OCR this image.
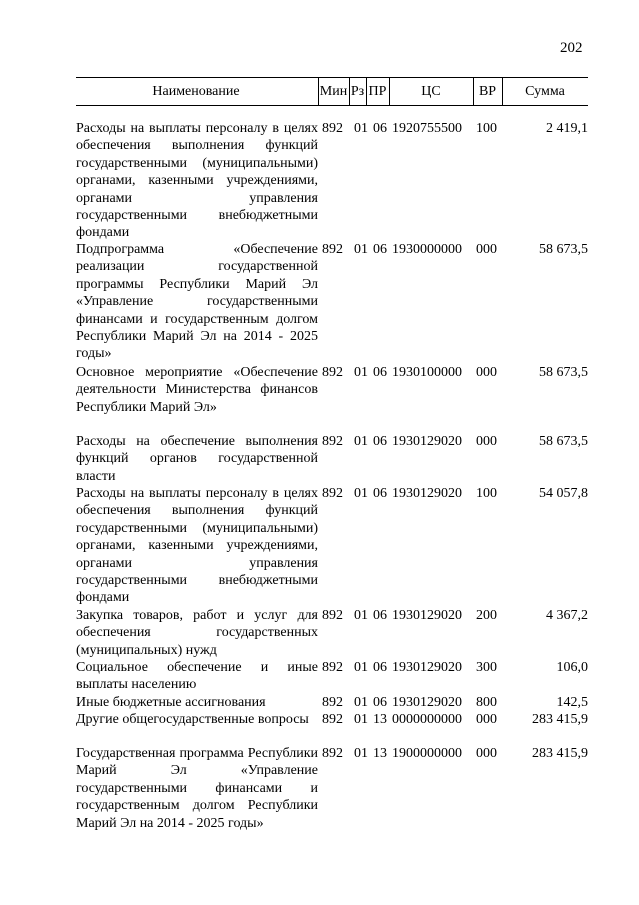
202
Наименование	Мин Рз ПР	ЦС	ВР	Сумма
Расходы на выплаты персоналу в целях обеспечения выполнения функций государственными (муниципальными) органами, казенными учреждениями, органами управления государственными внебюджетными фондами
892 01 06 1920755500 100	2 419,1
Подпрограмма «Обеспечение реализации государственной программы Республики Марий Эл «Управление государственными финансами и государственным долгом Республики Марий Эл на 2014 - 2025 годы»
892 01 06 1930000000 000	58 673,5
Основное мероприятие «Обеспечение деятельности Министерства финансов Республики Марий Эл»
892 01 06 1930100000 000	58 673,5
Расходы на обеспечение выполнения функций органов государственной власти
892 01 06 1930129020 000	58 673,5
Расходы на выплаты персоналу в целях обеспечения выполнения функций государственными (муниципальными) органами, казенными учреждениями, органами управления государственными внебюджетными фондами
892 01 06 1930129020 100	54 057,8
Закупка товаров, работ и услуг для обеспечения государственных (муниципальных) нужд
892 01 06 1930129020 200	4 367,2
Социальное обеспечение и иные выплаты населению
892 01 06 1930129020 300	106,0
Иные бюджетные ассигнования	892 01 06 1930129020 800	142,5
Другие общегосударственные вопросы 892 01 13 0000000000 000	283 415,9
Государственная программа Республики Марий Эл «Управление государственными финансами и государственным долгом Республики Марий Эл на 2014 - 2025 годы»
892 01 13 1900000000 000	283 415,9
